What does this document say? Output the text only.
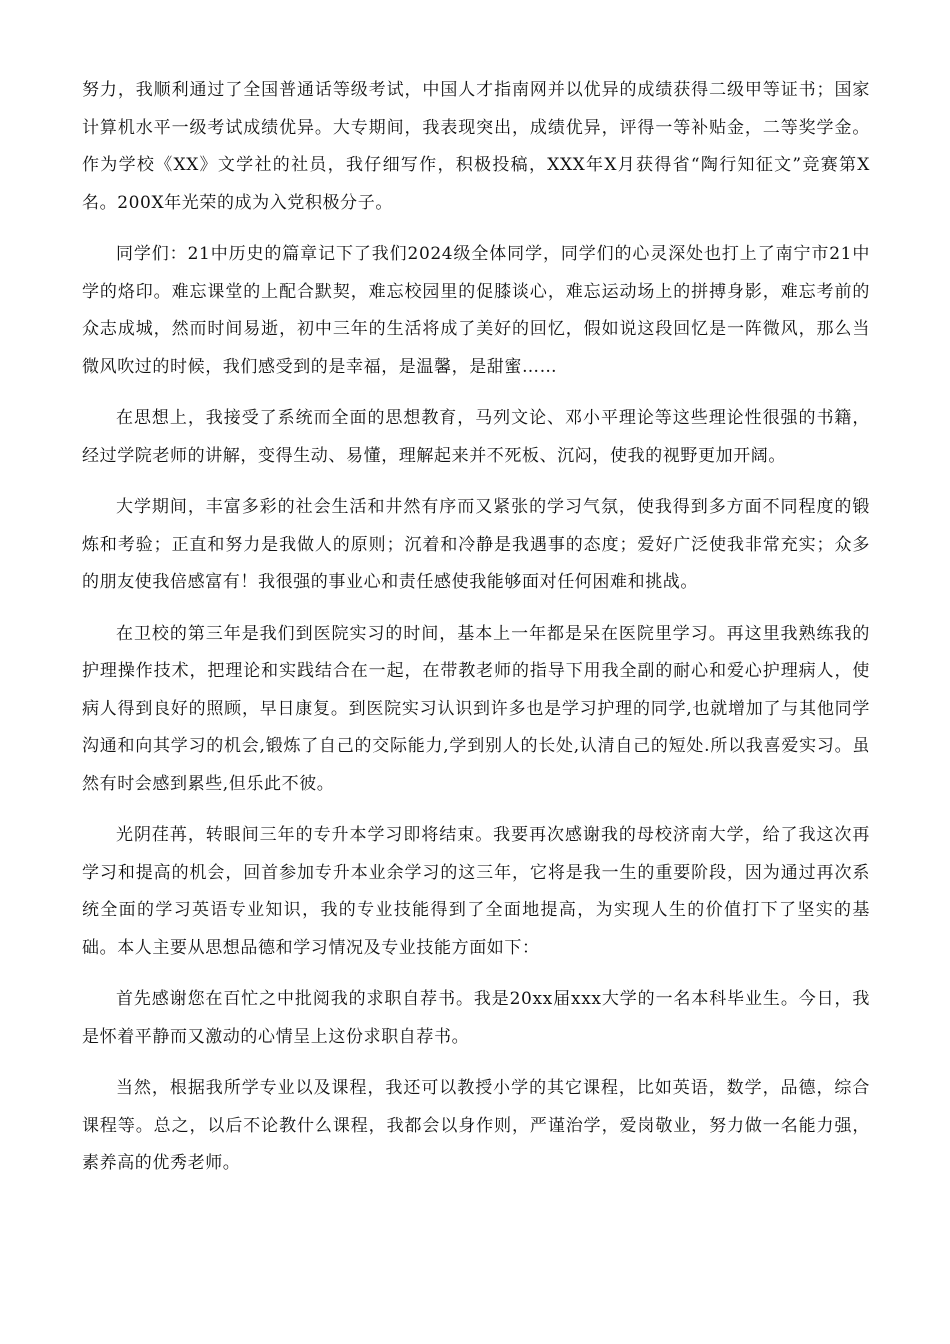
努力，我顺利通过了全国普通话等级考试，中国人才指南网并以优异的成绩获得二级甲等证书；国家计算机水平一级考试成绩优异。大专期间，我表现突出，成绩优异，评得一等补贴金，二等奖学金。作为学校《XX》文学社的社员，我仔细写作，积极投稿，XXX年X月获得省“陶行知征文”竞赛第X名。200X年光荣的成为入党积极分子。

同学们：21中历史的篇章记下了我们2024级全体同学，同学们的心灵深处也打上了南宁市21中学的烙印。难忘课堂的上配合默契，难忘校园里的促膝谈心，难忘运动场上的拼搏身影，难忘考前的众志成城，然而时间易逝，初中三年的生活将成了美好的回忆，假如说这段回忆是一阵微风，那么当微风吹过的时候，我们感受到的是幸福，是温馨，是甜蜜……

在思想上，我接受了系统而全面的思想教育，马列文论、邓小平理论等这些理论性很强的书籍，经过学院老师的讲解，变得生动、易懂，理解起来并不死板、沉闷，使我的视野更加开阔。

大学期间，丰富多彩的社会生活和井然有序而又紧张的学习气氛，使我得到多方面不同程度的锻炼和考验；正直和努力是我做人的原则；沉着和冷静是我遇事的态度；爱好广泛使我非常充实；众多的朋友使我倍感富有！我很强的事业心和责任感使我能够面对任何困难和挑战。

在卫校的第三年是我们到医院实习的时间，基本上一年都是呆在医院里学习。再这里我熟练我的护理操作技术，把理论和实践结合在一起，在带教老师的指导下用我全副的耐心和爱心护理病人，使病人得到良好的照顾，早日康复。到医院实习认识到许多也是学习护理的同学,也就增加了与其他同学沟通和向其学习的机会,锻炼了自己的交际能力,学到别人的长处,认清自己的短处.所以我喜爱实习。虽然有时会感到累些,但乐此不彼。

光阴荏苒，转眼间三年的专升本学习即将结束。我要再次感谢我的母校济南大学，给了我这次再学习和提高的机会，回首参加专升本业余学习的这三年，它将是我一生的重要阶段，因为通过再次系统全面的学习英语专业知识，我的专业技能得到了全面地提高，为实现人生的价值打下了坚实的基础。本人主要从思想品德和学习情况及专业技能方面如下：

首先感谢您在百忙之中批阅我的求职自荐书。我是20xx届xxx大学的一名本科毕业生。今日，我是怀着平静而又激动的心情呈上这份求职自荐书。

当然，根据我所学专业以及课程，我还可以教授小学的其它课程，比如英语，数学，品德，综合课程等。总之，以后不论教什么课程，我都会以身作则，严谨治学，爱岗敬业，努力做一名能力强，素养高的优秀老师。
